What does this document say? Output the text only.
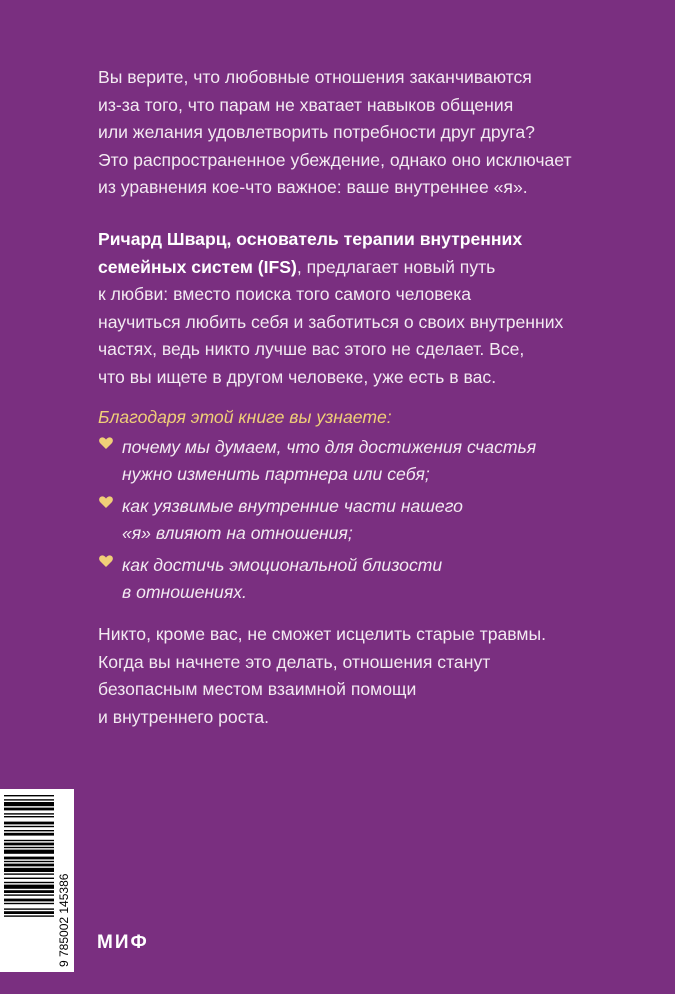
Вы верите, что любовные отношения заканчиваются

из-за того, что парам не хватает навыков общения

или желания удовлетворить потребности друг друга?

Это распространенное убеждение, однако оно исключает

из уравнения кое-что важное: ваше внутреннее «я».

Ричард Шварц, основатель терапии внутренних

семейных систем (IFS), предлагает новый путь

к любви: вместо поиска того самого человека

научиться любить себя и заботиться о своих внутренних

частях, ведь никто лучше вас этого не сделает. Все,

что вы ищете в другом человеке, уже есть в вас.

Благодаря этой книге вы узнаете:

почему мы думаем, что для достижения счастья

нужно изменить партнера или себя;

как уязвимые внутренние части нашего

«я» влияют на отношения;

как достичь эмоциональной близости

в отношениях.

Никто, кроме вас, не сможет исцелить старые травмы.

Когда вы начнете это делать, отношения станут

безопасным местом взаимной помощи

и внутреннего роста.

9 785002 145386 МИФ
